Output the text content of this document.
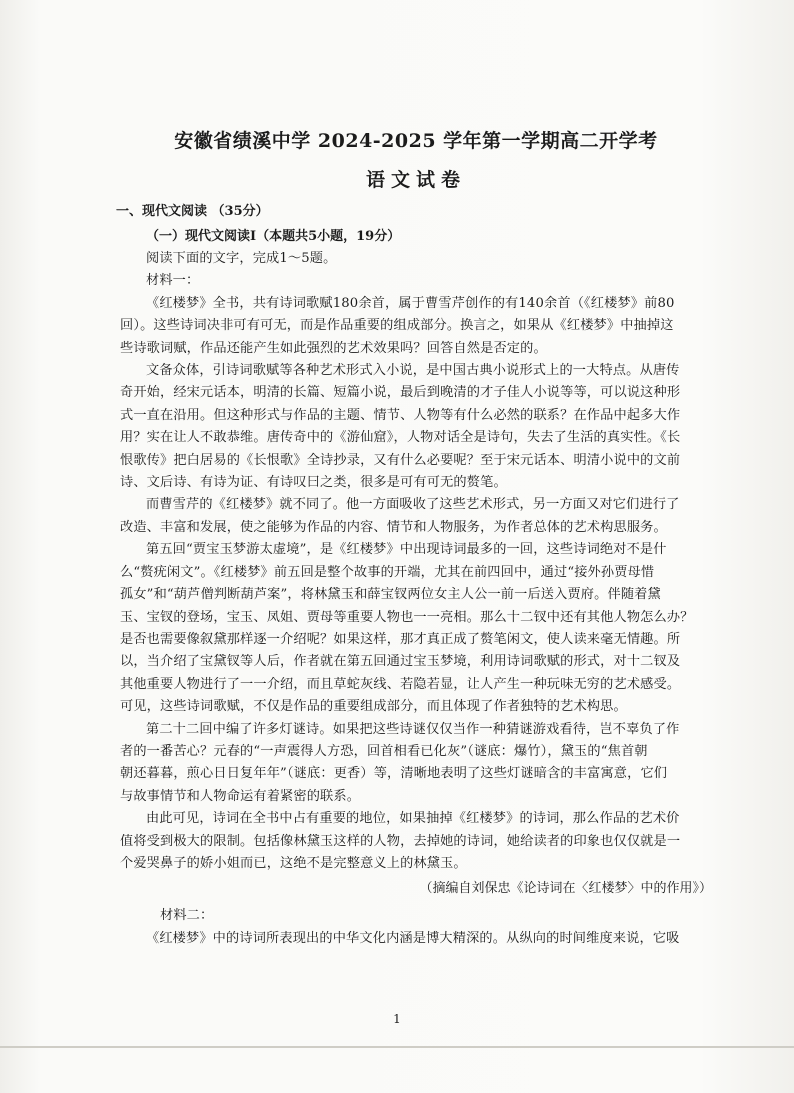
安徽省绩溪中学 2024-2025 学年第一学期高二开学考
语文试卷
一、现代文阅读 （35分）
（一）现代文阅读I（本题共5小题，19分）

阅读下面的文字，完成1～5题。

材料一：

《红楼梦》全书，共有诗词歌赋180余首，属于曹雪芹创作的有140余首（《红楼梦》前80

回）。这些诗词决非可有可无，而是作品重要的组成部分。换言之，如果从《红楼梦》中抽掉这

些诗歌词赋，作品还能产生如此强烈的艺术效果吗？回答自然是否定的。

文备众体，引诗词歌赋等各种艺术形式入小说，是中国古典小说形式上的一大特点。从唐传

奇开始，经宋元话本，明清的长篇、短篇小说，最后到晚清的才子佳人小说等等，可以说这种形

式一直在沿用。但这种形式与作品的主题、情节、人物等有什么必然的联系？在作品中起多大作

用？实在让人不敢恭维。唐传奇中的《游仙窟》，人物对话全是诗句，失去了生活的真实性。《长

恨歌传》把白居易的《长恨歌》全诗抄录，又有什么必要呢？至于宋元话本、明清小说中的文前

诗、文后诗、有诗为证、有诗叹曰之类，很多是可有可无的赘笔。

而曹雪芹的《红楼梦》就不同了。他一方面吸收了这些艺术形式，另一方面又对它们进行了

改造、丰富和发展，使之能够为作品的内容、情节和人物服务，为作者总体的艺术构思服务。

第五回“贾宝玉梦游太虚境”，是《红楼梦》中出现诗词最多的一回，这些诗词绝对不是什

么“赘疣闲文”。《红楼梦》前五回是整个故事的开端，尤其在前四回中，通过“接外孙贾母惜

孤女”和“葫芦僧判断葫芦案”，将林黛玉和薛宝钗两位女主人公一前一后送入贾府。伴随着黛

玉、宝钗的登场，宝玉、凤姐、贾母等重要人物也一一亮相。那么十二钗中还有其他人物怎么办？

是否也需要像叙黛那样逐一介绍呢？如果这样，那才真正成了赘笔闲文，使人读来毫无情趣。所

以，当介绍了宝黛钗等人后，作者就在第五回通过宝玉梦境，利用诗词歌赋的形式，对十二钗及

其他重要人物进行了一一介绍，而且草蛇灰线、若隐若显，让人产生一种玩味无穷的艺术感受。

可见，这些诗词歌赋，不仅是作品的重要组成部分，而且体现了作者独特的艺术构思。

第二十二回中编了许多灯谜诗。如果把这些诗谜仅仅当作一种猜谜游戏看待，岂不辜负了作

者的一番苦心？元春的“一声震得人方恐，回首相看已化灰”（谜底：爆竹），黛玉的“焦首朝

朝还暮暮，煎心日日复年年”（谜底：更香）等，清晰地表明了这些灯谜暗含的丰富寓意，它们

与故事情节和人物命运有着紧密的联系。

由此可见，诗词在全书中占有重要的地位，如果抽掉《红楼梦》的诗词，那么作品的艺术价

值将受到极大的限制。包括像林黛玉这样的人物，去掉她的诗词，她给读者的印象也仅仅就是一

个爱哭鼻子的娇小姐而已，这绝不是完整意义上的林黛玉。

（摘编自刘保忠《论诗词在〈红楼梦〉中的作用》）

材料二：

《红楼梦》中的诗词所表现出的中华文化内涵是博大精深的。从纵向的时间维度来说，它吸

1
